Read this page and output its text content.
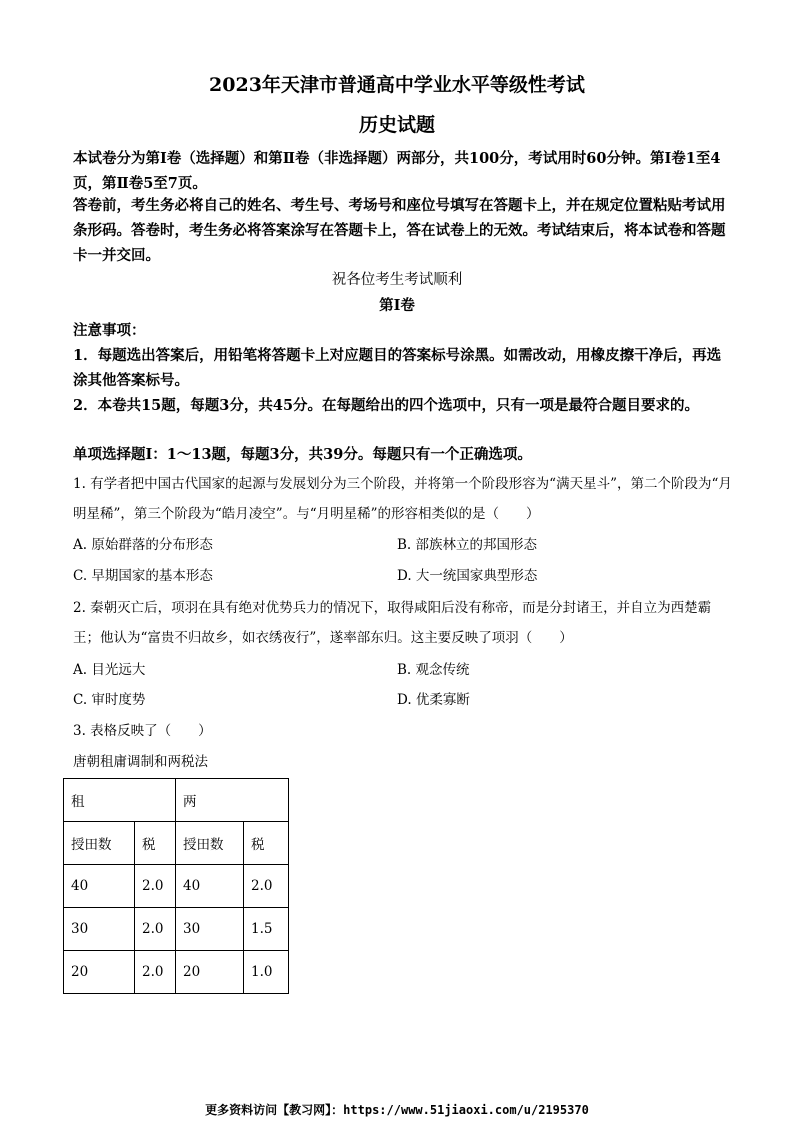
2023年天津市普通高中学业水平等级性考试
历史试题

本试卷分为第Ⅰ卷（选择题）和第Ⅱ卷（非选择题）两部分，共100分，考试用时60分钟。第Ⅰ卷1至4页，第Ⅱ卷5至7页。

答卷前，考生务必将自己的姓名、考生号、考场号和座位号填写在答题卡上，并在规定位置粘贴考试用条形码。答卷时，考生务必将答案涂写在答题卡上，答在试卷上的无效。考试结束后，将本试卷和答题卡一并交回。

祝各位考生考试顺利
第Ⅰ卷

注意事项：

1．每题选出答案后，用铅笔将答题卡上对应题目的答案标号涂黑。如需改动，用橡皮擦干净后，再选涂其他答案标号。

2．本卷共15题，每题3分，共45分。在每题给出的四个选项中，只有一项是最符合题目要求的。

单项选择题Ⅰ：1～13题，每题3分，共39分。每题只有一个正确选项。

1. 有学者把中国古代国家的起源与发展划分为三个阶段，并将第一个阶段形容为“满天星斗”，第二个阶段为“月明星稀”，第三个阶段为“皓月凌空”。与“月明星稀”的形容相类似的是（　　）

A. 原始群落的分布形态	B. 部族林立的邦国形态
C. 早期国家的基本形态	D. 大一统国家典型形态

2. 秦朝灭亡后，项羽在具有绝对优势兵力的情况下，取得咸阳后没有称帝，而是分封诸王，并自立为西楚霸王；他认为“富贵不归故乡，如衣绣夜行”，遂率部东归。这主要反映了项羽（　　）

A. 目光远大	B. 观念传统
C. 审时度势	D. 优柔寡断
3. 表格反映了（　　）
唐朝租庸调制和两税法
租		两	
授田数	税	授田数	税
40	2.0	40	2.0
30	2.0	30	1.5
20	2.0	20	1.0
更多资料访问【教习网】：https://www.51jiaoxi.com/u/2195370
